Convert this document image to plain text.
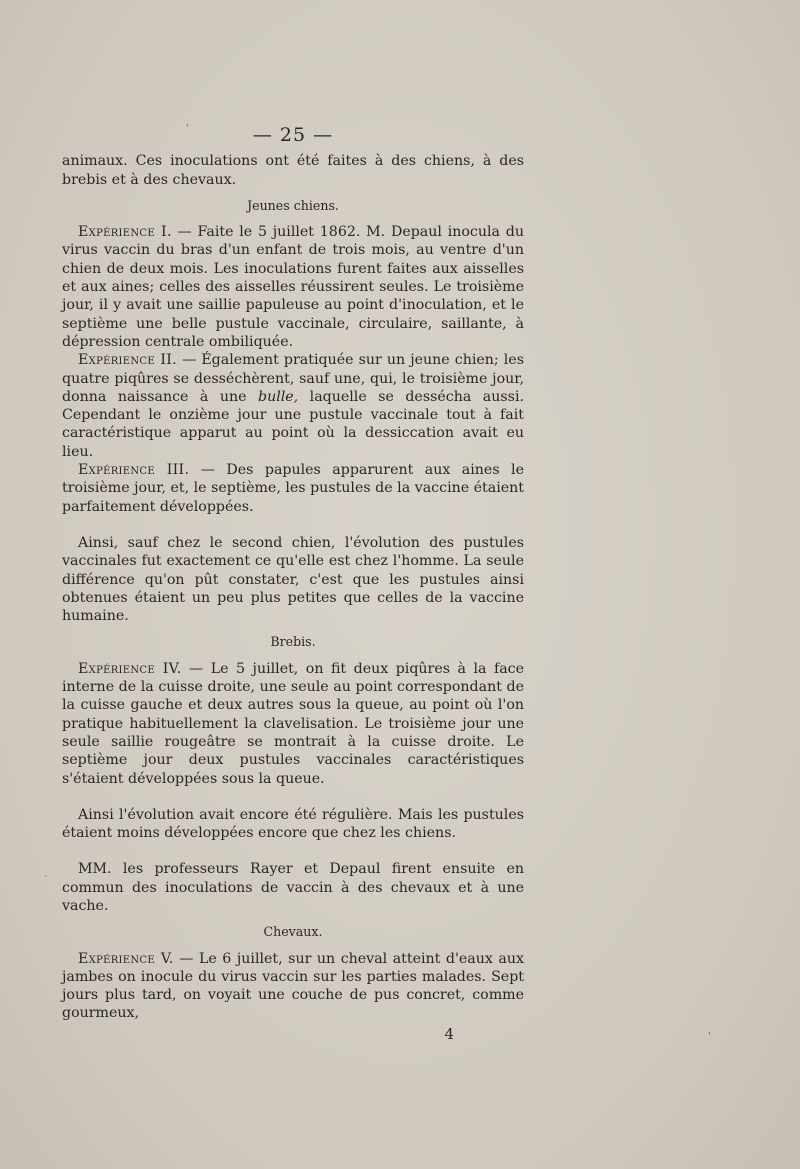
— 25 —

animaux. Ces inoculations ont été faites à des chiens, à des brebis et à des chevaux.

Jeunes chiens.

Expérience I. — Faite le 5 juillet 1862. M. Depaul inocula du virus vaccin du bras d'un enfant de trois mois, au ventre d'un chien de deux mois. Les inoculations furent faites aux aisselles et aux aines; celles des aisselles réussirent seules. Le troisième jour, il y avait une saillie papuleuse au point d'inoculation, et le septième une belle pustule vaccinale, circulaire, saillante, à dépression centrale ombiliquée.

Expérience II. — Également pratiquée sur un jeune chien; les quatre piqûres se desséchèrent, sauf une, qui, le troisième jour, donna naissance à une bulle, laquelle se dessécha aussi. Cependant le onzième jour une pustule vaccinale tout à fait caractéristique apparut au point où la dessiccation avait eu lieu.

Expérience III. — Des papules apparurent aux aines le troisième jour, et, le septième, les pustules de la vaccine étaient parfaitement développées.

Ainsi, sauf chez le second chien, l'évolution des pustules vaccinales fut exactement ce qu'elle est chez l'homme. La seule différence qu'on pût constater, c'est que les pustules ainsi obtenues étaient un peu plus petites que celles de la vaccine humaine.

Brebis.

Expérience IV. — Le 5 juillet, on fit deux piqûres à la face interne de la cuisse droite, une seule au point correspondant de la cuisse gauche et deux autres sous la queue, au point où l'on pratique habituellement la clavelisation. Le troisième jour une seule saillie rougeâtre se montrait à la cuisse droite. Le septième jour deux pustules vaccinales caractéristiques s'étaient développées sous la queue.

Ainsi l'évolution avait encore été régulière. Mais les pustules étaient moins développées encore que chez les chiens.

MM. les professeurs Rayer et Depaul firent ensuite en commun des inoculations de vaccin à des chevaux et à une vache.

Chevaux.

Expérience V. — Le 6 juillet, sur un cheval atteint d'eaux aux jambes on inocule du virus vaccin sur les parties malades. Sept jours plus tard, on voyait une couche de pus concret, comme gourmeux,

4
ʹ
ˎ
ʹ
